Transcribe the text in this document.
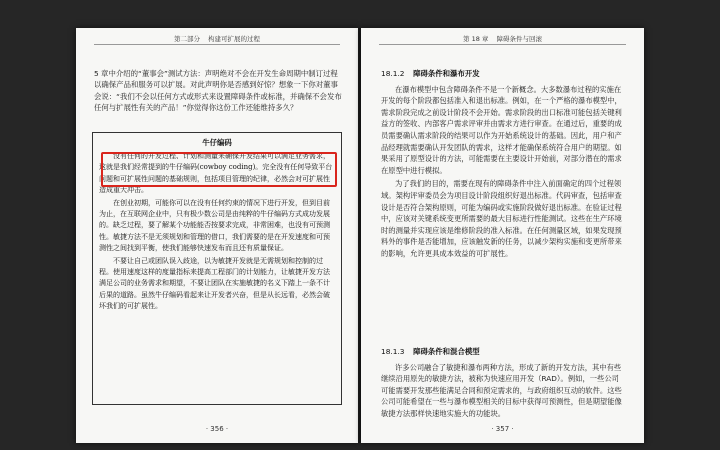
第二部分 构建可扩展的过程
5 章中介绍的“董事会”测试方法：声明绝对不会在开发生命周期中制订过程以确保产品和服务可以扩展。对此声明你是否感到好惊？想象一下你对董事会说：“我们不会以任何方式或形式来设置障碍条件或标准，并确保不会发布任何与扩展性有关的产品！”你觉得你这份工作还能维持多久？
牛仔编码

没有任何的开发过程、计划和测量来确保开发结果可以满足业务需求，这就是我们经常提到的牛仔编码(cowboy coding)。完全没有任何导致平台问题和可扩展性问题的基础规则，包括项目管理的纪律，必然会对可扩展性造成重大冲击。

在创业初期，可能你可以在没有任何约束的情况下进行开发，但到目前为止，在互联网企业中，只有极少数公司是由纯粹的牛仔编码方式成功发展的。缺乏过程，要了解某个功能能否按要求完成，非常困难，也没有可预测性。敏捷方法不是无须规划和管理的借口，我们需要的是在开发速度和可预测性之间找到平衡，使我们能够快速发布而且还有质量保证。

不要让自己或团队误入歧途，以为敏捷开发就是无需规划和控制的过程。使用速度这样的度量指标来提高工程部门的计划能力，让敏捷开发方法满足公司的业务需求和期望，不要让团队在实施敏捷的名义下踏上一条不计后果的道路。虽然牛仔编码看起来让开发者兴奋，但是从长远看，必然会破坏我们的可扩展性。

· 356 ·
第 18 章 障碍条件与回滚
18.1.2 障碍条件和瀑布开发

在瀑布模型中包含障碍条件不是一个新概念。大多数瀑布过程的实施在开发的每个阶段都包括准入和退出标准。例如，在一个严格的瀑布模型中，需求阶段完成之前设计阶段不会开始。需求阶段的出口标准可能包括关键利益方的签收、内部客户需求评审并由需求方进行审查。在通过后，重要的成员需要确认需求阶段的结果可以作为开始系统设计的基础。因此，用户和产品经理就需要确认开发团队的需求，这样才能确保系统符合用户的期望。如果采用了原型设计的方法，可能需要在主要设计开始前，对部分潜在的需求在原型中进行模拟。

为了我们的目的，需要在现有的障碍条件中注入前面确定的四个过程领域。架构评审委员会为项目设计阶段组织好退出标准。代码审查，包括审查设计是否符合架构原则，可能为编码或实施阶段做好退出标准。在验证过程中，应该对关键系统变更所需要的最大目标进行性能测试。这些在生产环境时的测量并实现应该是维修阶段的准入标准。在任何测量区域，如果发现预料外的事件是否能增加，应该触发新的任务，以减少架构实施和变更所带来的影响，允许更具成本效益的可扩展性。

18.1.3 障碍条件和混合模型

许多公司融合了敏捷和瀑布两种方法，形成了新的开发方法，其中有些继续沿用原先的敏捷方法，被称为快速应用开发（RAD）。例如，一些公司可能需要开发那些能满足合同和预定需求的，与政府组织互动的软件。这些公司可能希望在一些与瀑布模型相关的目标中获得可预测性，但是期望能像敏捷方法那样快速地实施大的功能块。

· 357 ·
